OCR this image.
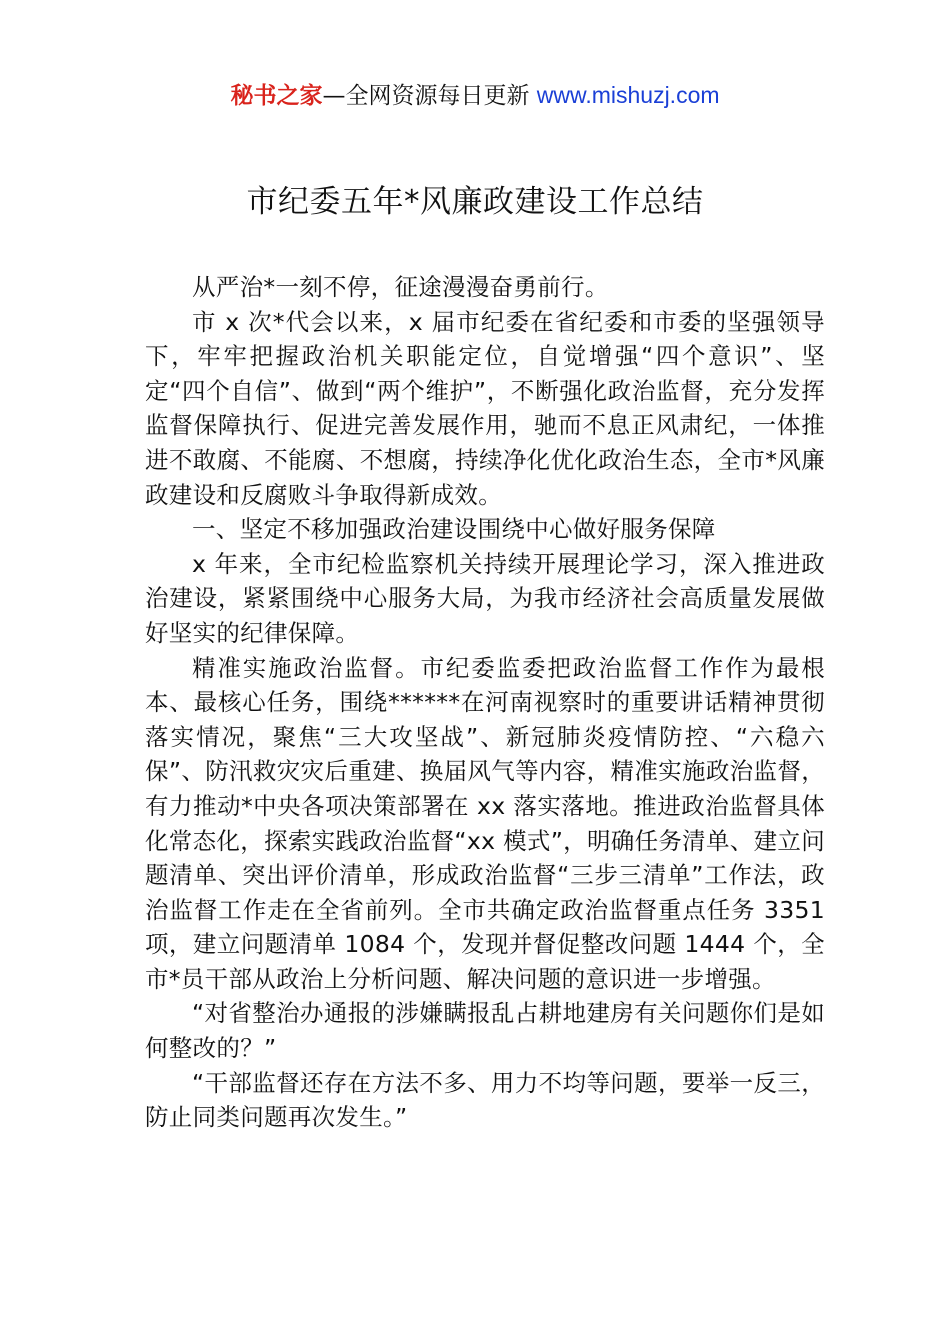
秘书之家—全网资源每日更新 www.mishuzj.com
市纪委五年*风廉政建设工作总结

从严治*一刻不停，征途漫漫奋勇前行。

市 x 次*代会以来，x 届市纪委在省纪委和市委的坚强领导下，牢牢把握政治机关职能定位，自觉增强“四个意识”、坚定“四个自信”、做到“两个维护”，不断强化政治监督，充分发挥监督保障执行、促进完善发展作用，驰而不息正风肃纪，一体推进不敢腐、不能腐、不想腐，持续净化优化政治生态，全市*风廉政建设和反腐败斗争取得新成效。

一、坚定不移加强政治建设围绕中心做好服务保障

x 年来，全市纪检监察机关持续开展理论学习，深入推进政治建设，紧紧围绕中心服务大局，为我市经济社会高质量发展做好坚实的纪律保障。

精准实施政治监督。市纪委监委把政治监督工作作为最根本、最核心任务，围绕******在河南视察时的重要讲话精神贯彻落实情况，聚焦“三大攻坚战”、新冠肺炎疫情防控、“六稳六保”、防汛救灾灾后重建、换届风气等内容，精准实施政治监督，有力推动*中央各项决策部署在 xx 落实落地。推进政治监督具体化常态化，探索实践政治监督“xx 模式”，明确任务清单、建立问题清单、突出评价清单，形成政治监督“三步三清单”工作法，政治监督工作走在全省前列。全市共确定政治监督重点任务 3351 项，建立问题清单 1084 个，发现并督促整改问题 1444 个，全市*员干部从政治上分析问题、解决问题的意识进一步增强。

“对省整治办通报的涉嫌瞒报乱占耕地建房有关问题你们是如何整改的？”

“干部监督还存在方法不多、用力不均等问题，要举一反三，防止同类问题再次发生。”
